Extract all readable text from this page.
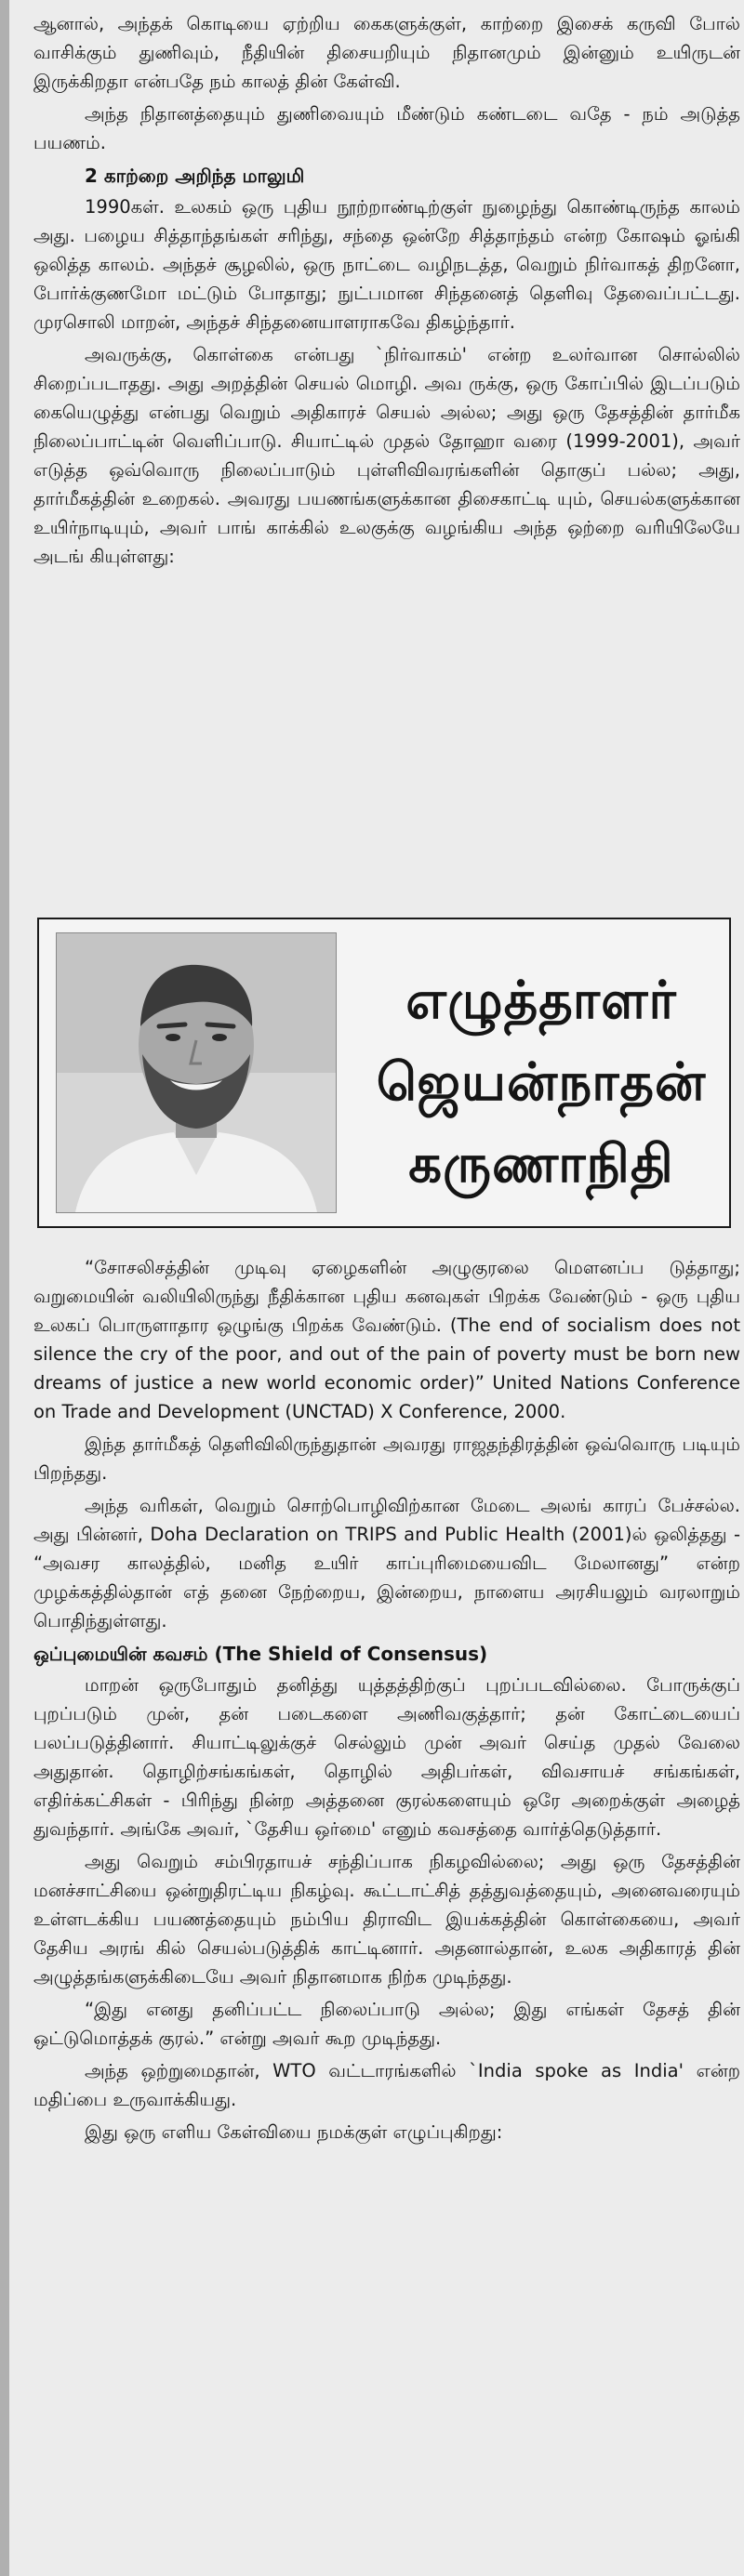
ஆனால், அந்தக் கொடியை ஏற்றிய கைகளுக்குள், காற்றை இசைக் கருவி போல் வாசிக்கும் துணிவும், நீதியின் திசையறியும் நிதானமும் இன்னும் உயிருடன் இருக்கிறதா என்பதே நம் காலத் தின் கேள்வி.

அந்த நிதானத்தையும் துணிவையும் மீண்டும் கண்டடை வதே - நம் அடுத்த பயணம்.

2 காற்றை அறிந்த மாலுமி

1990கள். உலகம் ஒரு புதிய நூற்றாண்டிற்குள் நுழைந்து கொண்டிருந்த காலம் அது. பழைய சித்தாந்தங்கள் சரிந்து, சந்தை ஒன்றே சித்தாந்தம் என்ற கோஷம் ஓங்கி ஒலித்த காலம். அந்தச் சூழலில், ஒரு நாட்டை வழிநடத்த, வெறும் நிர்வாகத் திறனோ, போர்க்குணமோ மட்டும் போதாது; நுட்பமான சிந்தனைத் தெளிவு தேவைப்பட்டது. முரசொலி மாறன், அந்தச் சிந்தனையாளராகவே திகழ்ந்தார்.

அவருக்கு, கொள்கை என்பது `நிர்வாகம்' என்ற உலர்வான சொல்லில் சிறைப்படாதது. அது அறத்தின் செயல் மொழி. அவ ருக்கு, ஒரு கோப்பில் இடப்படும் கையெழுத்து என்பது வெறும் அதிகாரச் செயல் அல்ல; அது ஒரு தேசத்தின் தார்மீக நிலைப்பாட்டின் வெளிப்பாடு. சியாட்டில் முதல் தோஹா வரை (1999-2001), அவர் எடுத்த ஒவ்வொரு நிலைப்பாடும் புள்ளிவிவரங்களின் தொகுப் பல்ல; அது, தார்மீகத்தின் உறைகல். அவரது பயணங்களுக்கான திசைகாட்டி யும், செயல்களுக்கான உயிர்நாடியும், அவர் பாங் காக்கில் உலகுக்கு வழங்கிய அந்த ஒற்றை வரியிலேயே அடங் கியுள்ளது:

எழுத்தாளர்
ஜெயன்நாதன்
கருணாநிதி

“சோசலிசத்தின் முடிவு ஏழைகளின் அழுகுரலை மௌனப்ப டுத்தாது; வறுமையின் வலியிலிருந்து நீதிக்கான புதிய கனவுகள் பிறக்க வேண்டும் - ஒரு புதிய உலகப் பொருளாதார ஒழுங்கு பிறக்க வேண்டும். (The end of socialism does not silence the cry of the poor, and out of the pain of poverty must be born new dreams of justice a new world economic order)” United Nations Conference on Trade and Development (UNCTAD) X Conference, 2000.

இந்த தார்மீகத் தெளிவிலிருந்துதான் அவரது ராஜதந்திரத்தின் ஒவ்வொரு படியும் பிறந்தது.

அந்த வரிகள், வெறும் சொற்பொழிவிற்கான மேடை அலங் காரப் பேச்சல்ல. அது பின்னர், Doha Declaration on TRIPS and Public Health (2001)ல் ஒலித்தது - “அவசர காலத்தில், மனித உயிர் காப்புரிமையைவிட மேலானது” என்ற முழக்கத்தில்தான் எத் தனை நேற்றைய, இன்றைய, நாளைய அரசியலும் வரலாறும் பொதிந்துள்ளது.

ஒப்புமையின் கவசம் (The Shield of Consensus)

மாறன் ஒருபோதும் தனித்து யுத்தத்திற்குப் புறப்படவில்லை. போருக்குப் புறப்படும் முன், தன் படைகளை அணிவகுத்தார்; தன் கோட்டையைப் பலப்படுத்தினார். சியாட்டிலுக்குச் செல்லும் முன் அவர் செய்த முதல் வேலை அதுதான். தொழிற்சங்கங்கள், தொழில் அதிபர்கள், விவசாயச் சங்கங்கள், எதிர்க்கட்சிகள் - பிரிந்து நின்ற அத்தனை குரல்களையும் ஒரே அறைக்குள் அழைத் துவந்தார். அங்கே அவர், `தேசிய ஒர்மை' எனும் கவசத்தை வார்த்தெடுத்தார்.

அது வெறும் சம்பிரதாயச் சந்திப்பாக நிகழவில்லை; அது ஒரு தேசத்தின் மனச்சாட்சியை ஒன்றுதிரட்டிய நிகழ்வு. கூட்டாட்சித் தத்துவத்தையும், அனைவரையும் உள்ளடக்கிய பயணத்தையும் நம்பிய திராவிட இயக்கத்தின் கொள்கையை, அவர் தேசிய அரங் கில் செயல்படுத்திக் காட்டினார். அதனால்தான், உலக அதிகாரத் தின் அழுத்தங்களுக்கிடையே அவர் நிதானமாக நிற்க முடிந்தது.

“இது எனது தனிப்பட்ட நிலைப்பாடு அல்ல; இது எங்கள் தேசத் தின் ஒட்டுமொத்தக் குரல்.” என்று அவர் கூற முடிந்தது.

அந்த ஒற்றுமைதான், WTO வட்டாரங்களில் `India spoke as India' என்ற மதிப்பை உருவாக்கியது.

இது ஒரு எளிய கேள்வியை நமக்குள் எழுப்புகிறது:
